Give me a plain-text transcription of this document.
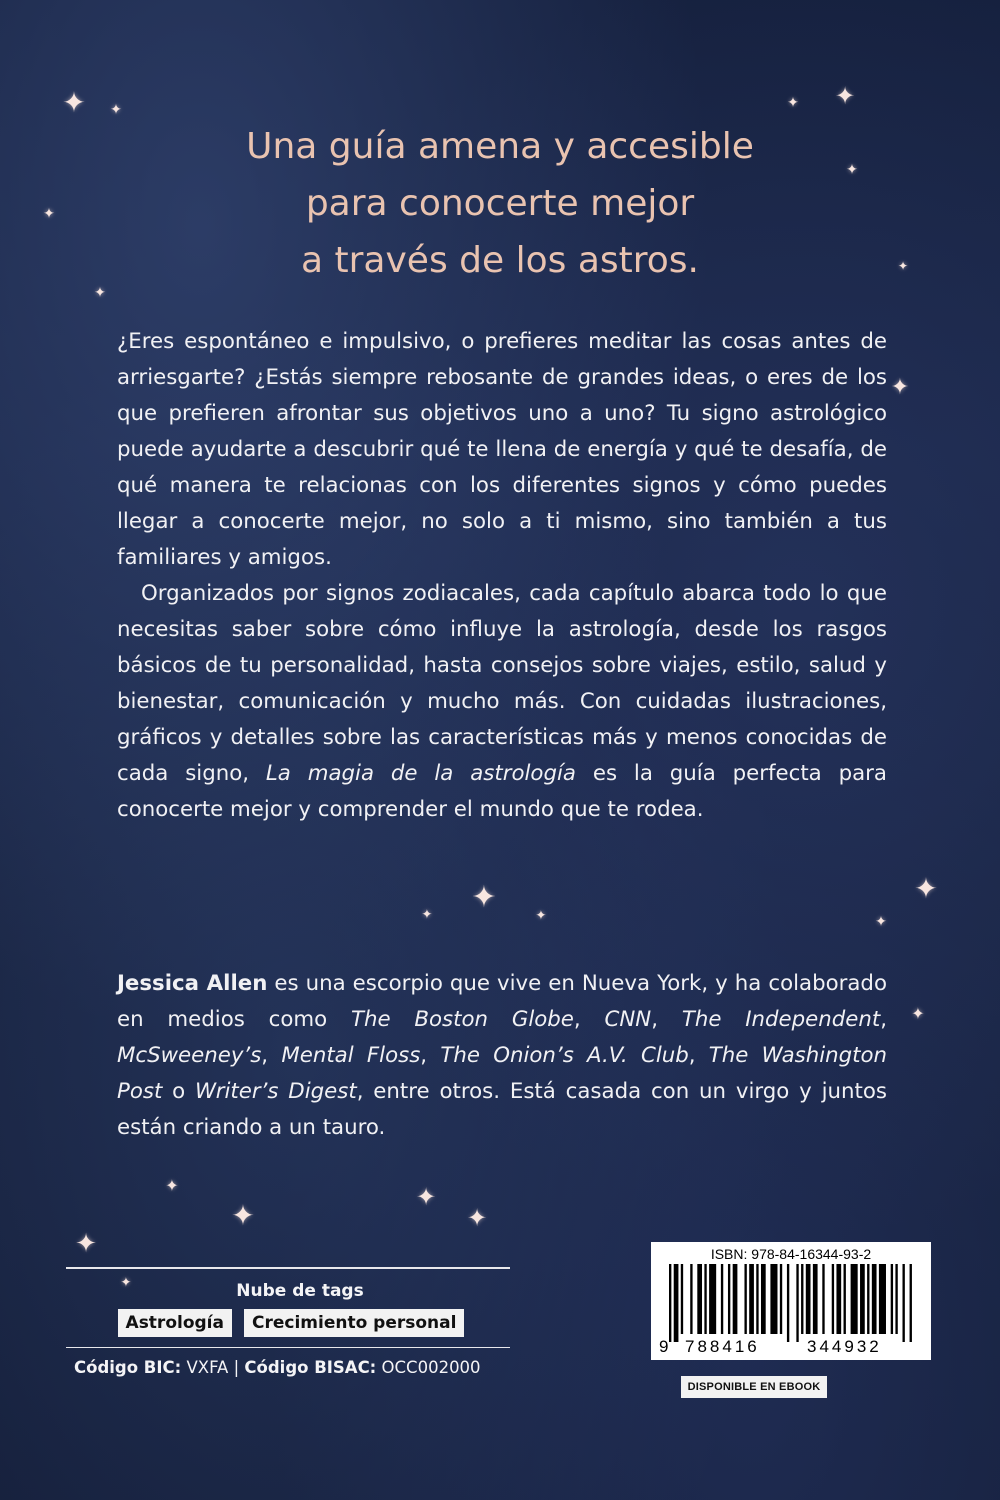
✦ ✦
✦
✦
✦
✦
✦
✦
✦
✦
✦	✦
✦
✦
✦
✦	✦
✦	✦
✦
✦
Una guía amena y accesible
para conocerte mejor
a través de los astros.

¿Eres espontáneo e impulsivo, o prefieres meditar las cosas antes de arriesgarte? ¿Estás siempre rebosante de grandes ideas, o eres de los que prefieren afrontar sus objetivos uno a uno? Tu signo astrológico puede ayudarte a descubrir qué te llena de energía y qué te desafía, de qué manera te relacionas con los diferentes signos y cómo puedes llegar a conocerte mejor, no solo a ti mismo, sino también a tus familiares y amigos.

Organizados por signos zodiacales, cada capítulo abarca todo lo que necesitas saber sobre cómo influye la astrología, desde los rasgos básicos de tu personalidad, hasta consejos sobre viajes, estilo, salud y bienestar, comunicación y mucho más. Con cuidadas ilustraciones, gráficos y detalles sobre las características más y menos conocidas de cada signo, La magia de la astrología es la guía perfecta para conocerte mejor y comprender el mundo que te rodea.

Jessica Allen es una escorpio que vive en Nueva York, y ha colaborado en medios como The Boston Globe, CNN, The Independent, McSweeney’s, Mental Floss, The Onion’s A.V. Club, The Washington Post o Writer’s Digest, entre otros. Está casada con un virgo y juntos están criando a un tauro.

Nube de tags
Astrología	Crecimiento personal
Código BIC: VXFA | Código BISAC: OCC002000
ISBN: 978-84-16344-93-2
9 788416	344932
DISPONIBLE EN EBOOK
